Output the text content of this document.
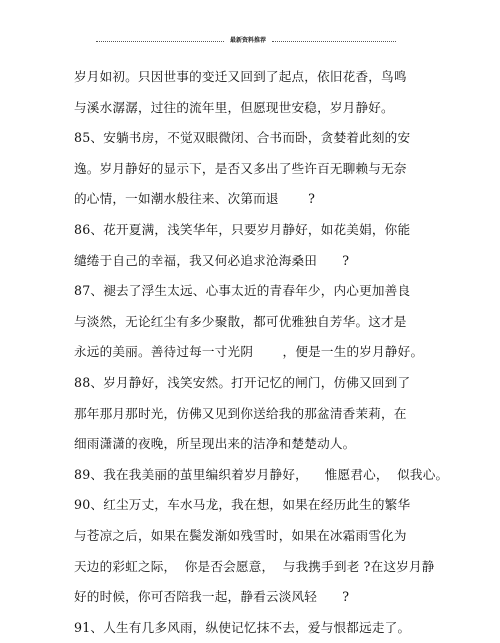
最新资料推荐
岁月如初。只因世事的变迁又回到了起点，依旧花香，鸟鸣
与溪水潺潺，过往的流年里，但愿现世安稳，岁月静好。
85、安躺书房，不觉双眼微闭、合书而卧，贪婪着此刻的安
逸。岁月静好的显示下，是否又多出了些许百无聊赖与无奈
的心情，一如潮水般往来、次第而退       ?
86、花开夏满，浅笑华年，只要岁月静好，如花美娟，你能
缱绻于自己的幸福，我又何必追求沧海桑田      ?
87、褪去了浮生太远、心事太近的青春年少，内心更加善良
与淡然，无论红尘有多少聚散，都可优雅独自芳华。这才是
永远的美丽。善待过每一寸光阴       ，便是一生的岁月静好。
88、岁月静好，浅笑安然。打开记忆的闸门，仿佛又回到了
那年那月那时光，仿佛又见到你送给我的那盆清香茉莉，在
细雨潇潇的夜晚，所呈现出来的洁净和楚楚动人。
89、我在我美丽的茧里编织着岁月静好，    惟愿君心，  似我心。
90、红尘万丈，车水马龙，我在想，如果在经历此生的繁华
与苍凉之后，如果在鬓发渐如残雪时，如果在冰霜雨雪化为
天边的彩虹之际，  你是否会愿意，  与我携手到老 ?在这岁月静
好的时候，你可否陪我一起，静看云淡风轻      ?
91、人生有几多风雨，纵使记忆抹不去，爱与恨都远走了。
